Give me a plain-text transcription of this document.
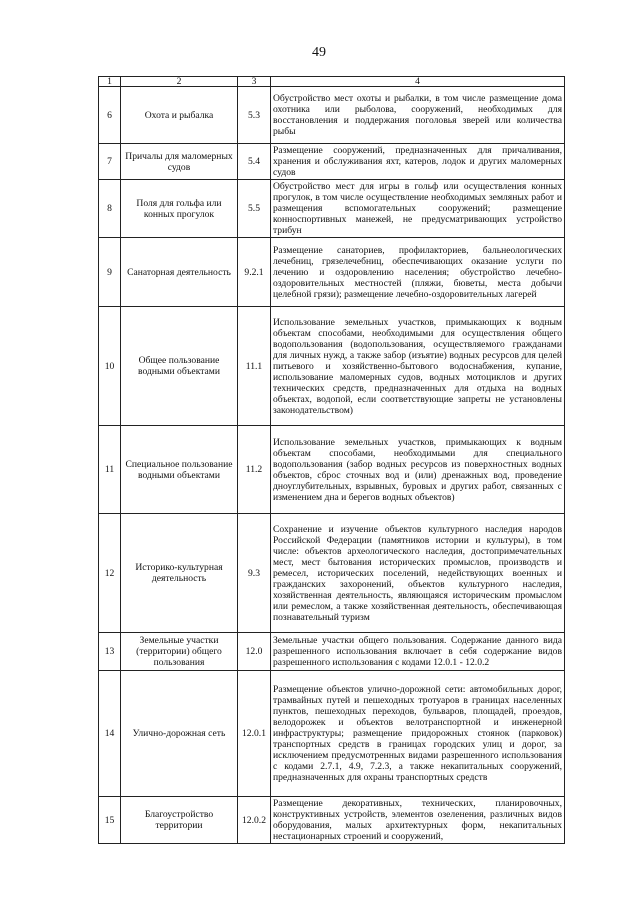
49
1	2	3	4
6	Охота и рыбалка	5.3	Обустройство мест охоты и рыбалки, в том числе размещение дома охотника или рыболова, сооружений, необходимых для восстановления и поддержания поголовья зверей или количества рыбы
7	Причалы для маломерных судов	5.4	Размещение сооружений, предназначенных для причаливания, хранения и обслуживания яхт, катеров, лодок и других маломерных судов
8	Поля для гольфа или конных прогулок	5.5	Обустройство мест для игры в гольф или осуществления конных прогулок, в том числе осуществление необходимых земляных работ и размещения вспомогательных сооружений; размещение конноспортивных манежей, не предусматривающих устройство трибун
9	Санаторная деятельность	9.2.1	Размещение санаториев, профилакториев, бальнеологических лечебниц, грязелечебниц, обеспечивающих оказание услуги по лечению и оздоровлению населения; обустройство лечебно-оздоровительных местностей (пляжи, бюветы, места добычи целебной грязи); размещение лечебно-оздоровительных лагерей
10	Общее пользование водными объектами	11.1	Использование земельных участков, примыкающих к водным объектам способами, необходимыми для осуществления общего водопользования (водопользования, осуществляемого гражданами для личных нужд, а также забор (изъятие) водных ресурсов для целей питьевого и хозяйственно-бытового водоснабжения, купание, использование маломерных судов, водных мотоциклов и других технических средств, предназначенных для отдыха на водных объектах, водопой, если соответствующие запреты не установлены законодательством)
11	Специальное пользование водными объектами	11.2	Использование земельных участков, примыкающих к водным объектам способами, необходимыми для специального водопользования (забор водных ресурсов из поверхностных водных объектов, сброс сточных вод и (или) дренажных вод, проведение дноуглубительных, взрывных, буровых и других работ, связанных с изменением дна и берегов водных объектов)
12	Историко-культурная деятельность	9.3	Сохранение и изучение объектов культурного наследия народов Российской Федерации (памятников истории и культуры), в том числе: объектов археологического наследия, достопримечательных мест, мест бытования исторических промыслов, производств и ремесел, исторических поселений, недействующих военных и гражданских захоронений, объектов культурного наследия, хозяйственная деятельность, являющаяся историческим промыслом или ремеслом, а также хозяйственная деятельность, обеспечивающая познавательный туризм
13	Земельные участки (территории) общего пользования	12.0	Земельные участки общего пользования. Содержание данного вида разрешенного использования включает в себя содержание видов разрешенного использования с кодами 12.0.1 - 12.0.2
14	Улично-дорожная сеть	12.0.1	Размещение объектов улично-дорожной сети: автомобильных дорог, трамвайных путей и пешеходных тротуаров в границах населенных пунктов, пешеходных переходов, бульваров, площадей, проездов, велодорожек и объектов велотранспортной и инженерной инфраструктуры; размещение придорожных стоянок (парковок) транспортных средств в границах городских улиц и дорог, за исключением предусмотренных видами разрешенного использования с кодами 2.7.1, 4.9, 7.2.3, а также некапитальных сооружений, предназначенных для охраны транспортных средств
15	Благоустройство территории	12.0.2	Размещение декоративных, технических, планировочных, конструктивных устройств, элементов озеленения, различных видов оборудования, малых архитектурных форм, некапитальных нестационарных строений и сооружений,
